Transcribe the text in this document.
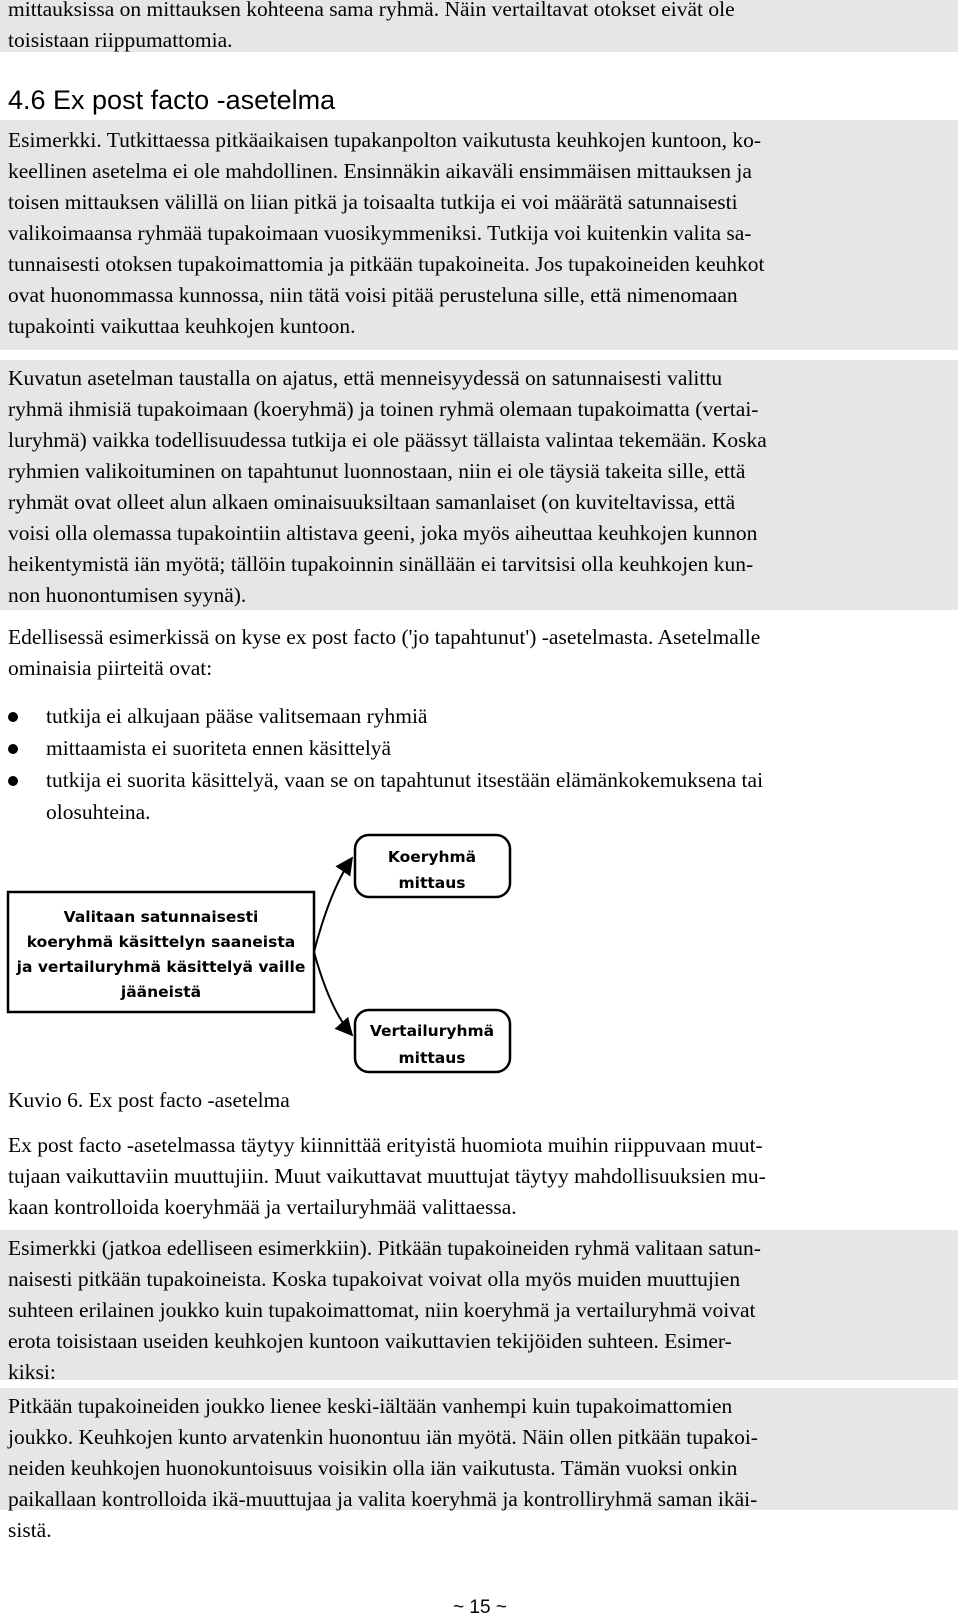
mittauksissa on mittauksen kohteena sama ryhmä. Näin vertailtavat otokset eivät ole
toisistaan riippumattomia.
4.6 Ex post facto -asetelma
Esimerkki. Tutkittaessa pitkäaikaisen tupakanpolton vaikutusta keuhkojen kuntoon, ko-
keellinen asetelma ei ole mahdollinen. Ensinnäkin aikaväli ensimmäisen mittauksen ja
toisen mittauksen välillä on liian pitkä ja toisaalta tutkija ei voi määrätä satunnaisesti
valikoimaansa ryhmää tupakoimaan vuosikymmeniksi. Tutkija voi kuitenkin valita sa-
tunnaisesti otoksen tupakoimattomia ja pitkään tupakoineita. Jos tupakoineiden keuhkot
ovat huonommassa kunnossa, niin tätä voisi pitää perusteluna sille, että nimenomaan
tupakointi vaikuttaa keuhkojen kuntoon.
Kuvatun asetelman taustalla on ajatus, että menneisyydessä on satunnaisesti valittu
ryhmä ihmisiä tupakoimaan (koeryhmä) ja toinen ryhmä olemaan tupakoimatta (vertai-
luryhmä) vaikka todellisuudessa tutkija ei ole päässyt tällaista valintaa tekemään. Koska
ryhmien valikoituminen on tapahtunut luonnostaan, niin ei ole täysiä takeita sille, että
ryhmät ovat olleet alun alkaen ominaisuuksiltaan samanlaiset (on kuviteltavissa, että
voisi olla olemassa tupakointiin altistava geeni, joka myös aiheuttaa keuhkojen kunnon
heikentymistä iän myötä; tällöin tupakoinnin sinällään ei tarvitsisi olla keuhkojen kun-
non huonontumisen syynä).
Edellisessä esimerkissä on kyse ex post facto ('jo tapahtunut') -asetelmasta. Asetelmalle
ominaisia piirteitä ovat:
tutkija ei alkujaan pääse valitsemaan ryhmiä
mittaamista ei suoriteta ennen käsittelyä
tutkija ei suorita käsittelyä, vaan se on tapahtunut itsestään elämänkokemuksena tai
olosuhteina.
Valitaan satunnaisesti
koeryhmä käsittelyn saaneista
ja vertailuryhmä käsittelyä vaille
jääneistä
Koeryhmä
mittaus
Vertailuryhmä
mittaus

Kuvio 6. Ex post facto -asetelma

Ex post facto -asetelmassa täytyy kiinnittää erityistä huomiota muihin riippuvaan muut-
tujaan vaikuttaviin muuttujiin. Muut vaikuttavat muuttujat täytyy mahdollisuuksien mu-
kaan kontrolloida koeryhmää ja vertailuryhmää valittaessa.
Esimerkki (jatkoa edelliseen esimerkkiin). Pitkään tupakoineiden ryhmä valitaan satun-
naisesti pitkään tupakoineista. Koska tupakoivat voivat olla myös muiden muuttujien
suhteen erilainen joukko kuin tupakoimattomat, niin koeryhmä ja vertailuryhmä voivat
erota toisistaan useiden keuhkojen kuntoon vaikuttavien tekijöiden suhteen. Esimer-
kiksi:
Pitkään tupakoineiden joukko lienee keski-iältään vanhempi kuin tupakoimattomien
joukko. Keuhkojen kunto arvatenkin huonontuu iän myötä. Näin ollen pitkään tupakoi-
neiden keuhkojen huonokuntoisuus voisikin olla iän vaikutusta. Tämän vuoksi onkin
paikallaan kontrolloida ikä-muuttujaa ja valita koeryhmä ja kontrolliryhmä saman ikäi-
sistä.
~ 15 ~
